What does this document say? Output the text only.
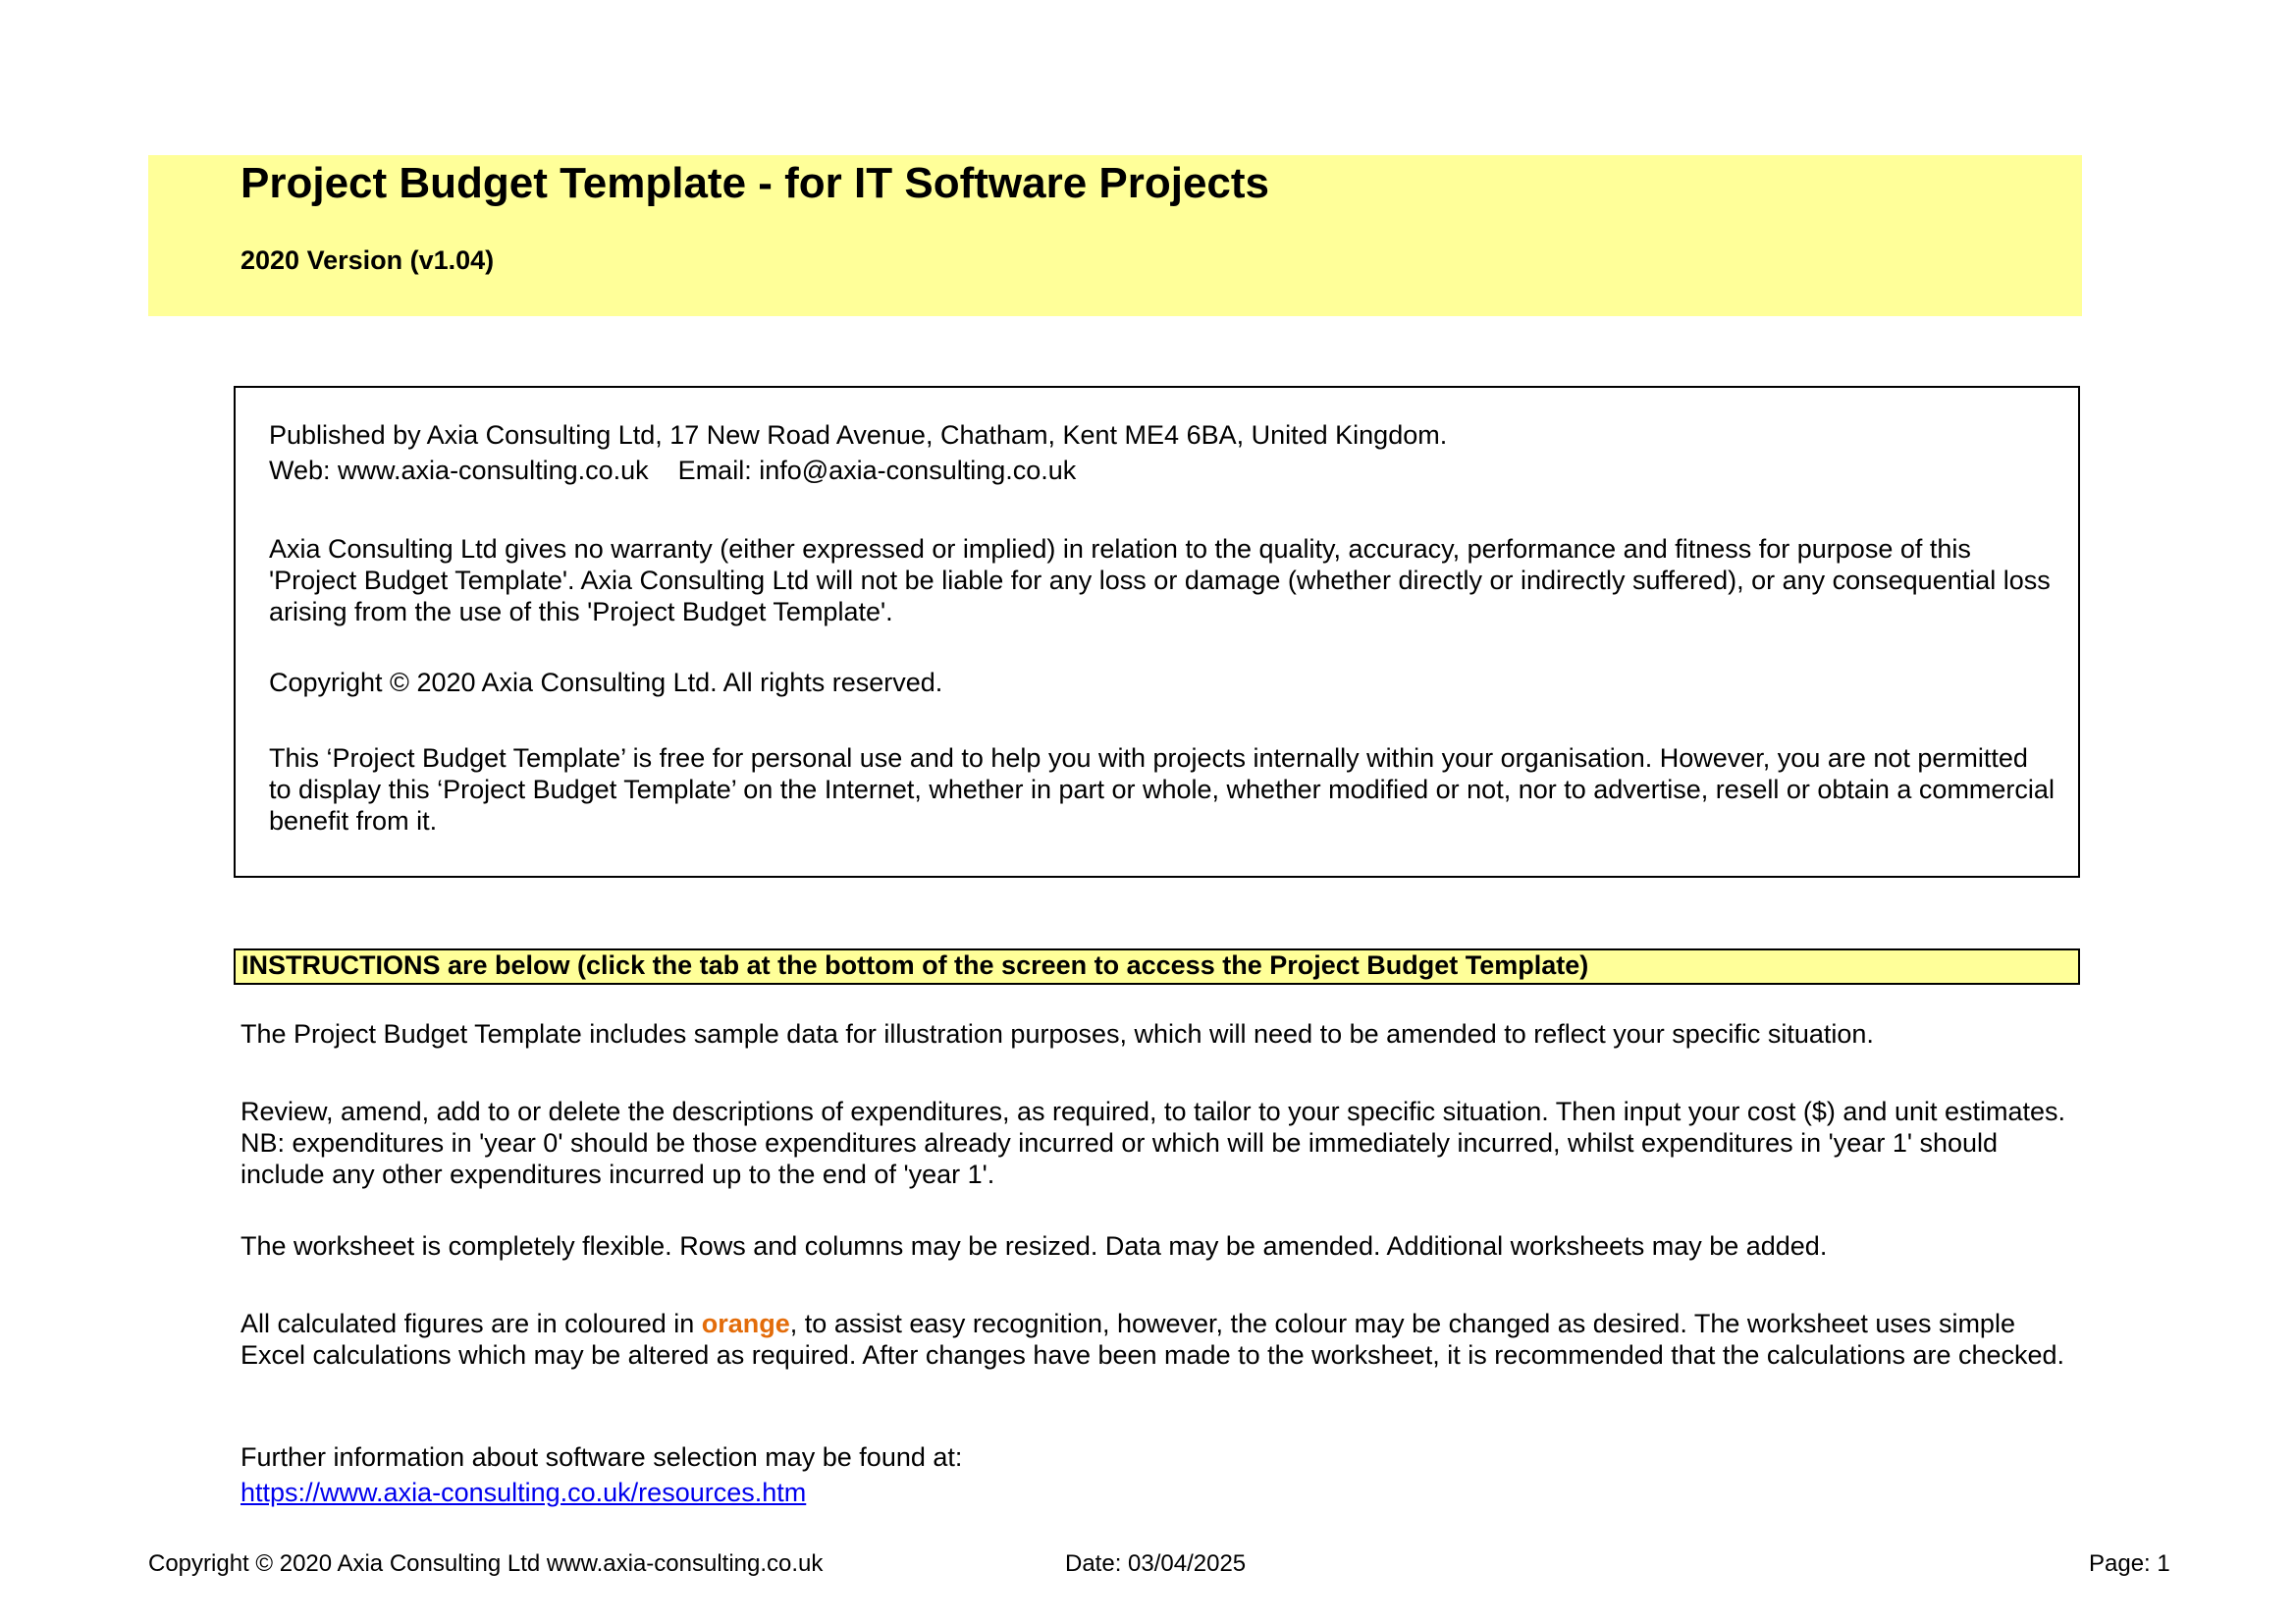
Project Budget Template - for IT Software Projects
2020 Version (v1.04)
Published by Axia Consulting Ltd, 17 New Road Avenue, Chatham, Kent ME4 6BA, United Kingdom.
Web: www.axia-consulting.co.uk    Email: info@axia-consulting.co.uk
Axia Consulting Ltd gives no warranty (either expressed or implied) in relation to the quality, accuracy, performance and fitness for purpose of this 'Project Budget Template'. Axia Consulting Ltd will not be liable for any loss or damage (whether directly or indirectly suffered), or any consequential loss arising from the use of this 'Project Budget Template'.
Copyright © 2020 Axia Consulting Ltd. All rights reserved.
This ‘Project Budget Template’ is free for personal use and to help you with projects internally within your organisation. However, you are not permitted to display this ‘Project Budget Template’ on the Internet, whether in part or whole, whether modified or not, nor to advertise, resell or obtain a commercial benefit from it.
INSTRUCTIONS are below (click the tab at the bottom of the screen to access the Project Budget Template)
The Project Budget Template includes sample data for illustration purposes, which will need to be amended to reflect your specific situation.
Review, amend, add to or delete the descriptions of expenditures, as required, to tailor to your specific situation. Then input your cost ($) and unit estimates. NB: expenditures in 'year 0' should be those expenditures already incurred or which will be immediately incurred, whilst expenditures in 'year 1' should include any other expenditures incurred up to the end of 'year 1'.
The worksheet is completely flexible. Rows and columns may be resized. Data may be amended. Additional worksheets may be added.
All calculated figures are in coloured in orange, to assist easy recognition, however, the colour may be changed as desired. The worksheet uses simple Excel calculations which may be altered as required. After changes have been made to the worksheet, it is recommended that the calculations are checked.
Further information about software selection may be found at:
https://www.axia-consulting.co.uk/resources.htm
Copyright © 2020 Axia Consulting Ltd www.axia-consulting.co.uk	Date: 03/04/2025	Page: 1
